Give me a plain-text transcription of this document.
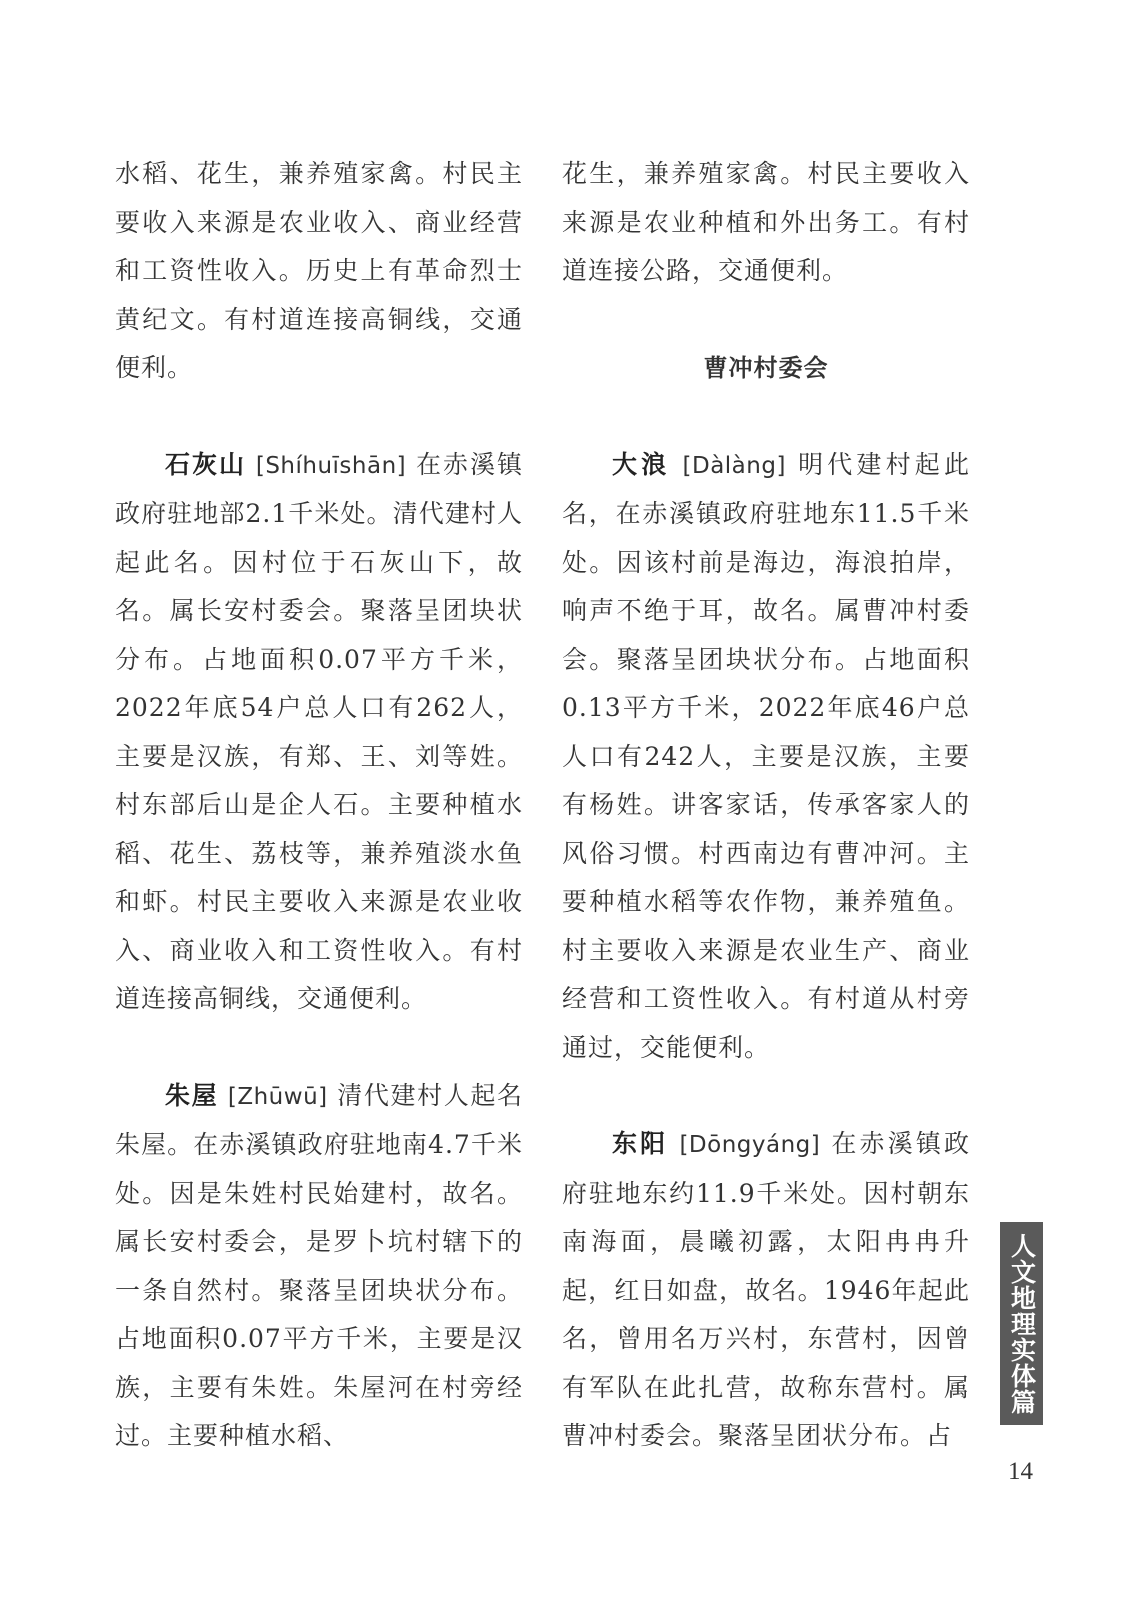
水稻、花生，兼养殖家禽。村民主要收入来源是农业收入、商业经营和工资性收入。历史上有革命烈士黄纪文。有村道连接高铜线，交通便利。

石灰山 [Shíhuīshān] 在赤溪镇政府驻地部2.1千米处。清代建村人起此名。因村位于石灰山下，故名。属长安村委会。聚落呈团块状分布。占地面积0.07平方千米，2022年底54户总人口有262人，主要是汉族，有郑、王、刘等姓。村东部后山是企人石。主要种植水稻、花生、荔枝等，兼养殖淡水鱼和虾。村民主要收入来源是农业收入、商业收入和工资性收入。有村道连接高铜线，交通便利。

朱屋 [Zhūwū] 清代建村人起名朱屋。在赤溪镇政府驻地南4.7千米处。因是朱姓村民始建村，故名。属长安村委会，是罗卜坑村辖下的一条自然村。聚落呈团块状分布。占地面积0.07平方千米，主要是汉族，主要有朱姓。朱屋河在村旁经过。主要种植水稻、

花生，兼养殖家禽。村民主要收入来源是农业种植和外出务工。有村道连接公路，交通便利。

曹冲村委会

大浪 [Dàlàng] 明代建村起此名，在赤溪镇政府驻地东11.5千米处。因该村前是海边，海浪拍岸，响声不绝于耳，故名。属曹冲村委会。聚落呈团块状分布。占地面积0.13平方千米，2022年底46户总人口有242人，主要是汉族，主要有杨姓。讲客家话，传承客家人的风俗习惯。村西南边有曹冲河。主要种植水稻等农作物，兼养殖鱼。村主要收入来源是农业生产、商业经营和工资性收入。有村道从村旁通过，交能便利。

东阳 [Dōngyáng] 在赤溪镇政府驻地东约11.9千米处。因村朝东南海面，晨曦初露，太阳冉冉升起，红日如盘，故名。1946年起此名，曾用名万兴村，东营村，因曾有军队在此扎营，故称东营村。属曹冲村委会。聚落呈团状分布。占

人文地理实体篇
14
